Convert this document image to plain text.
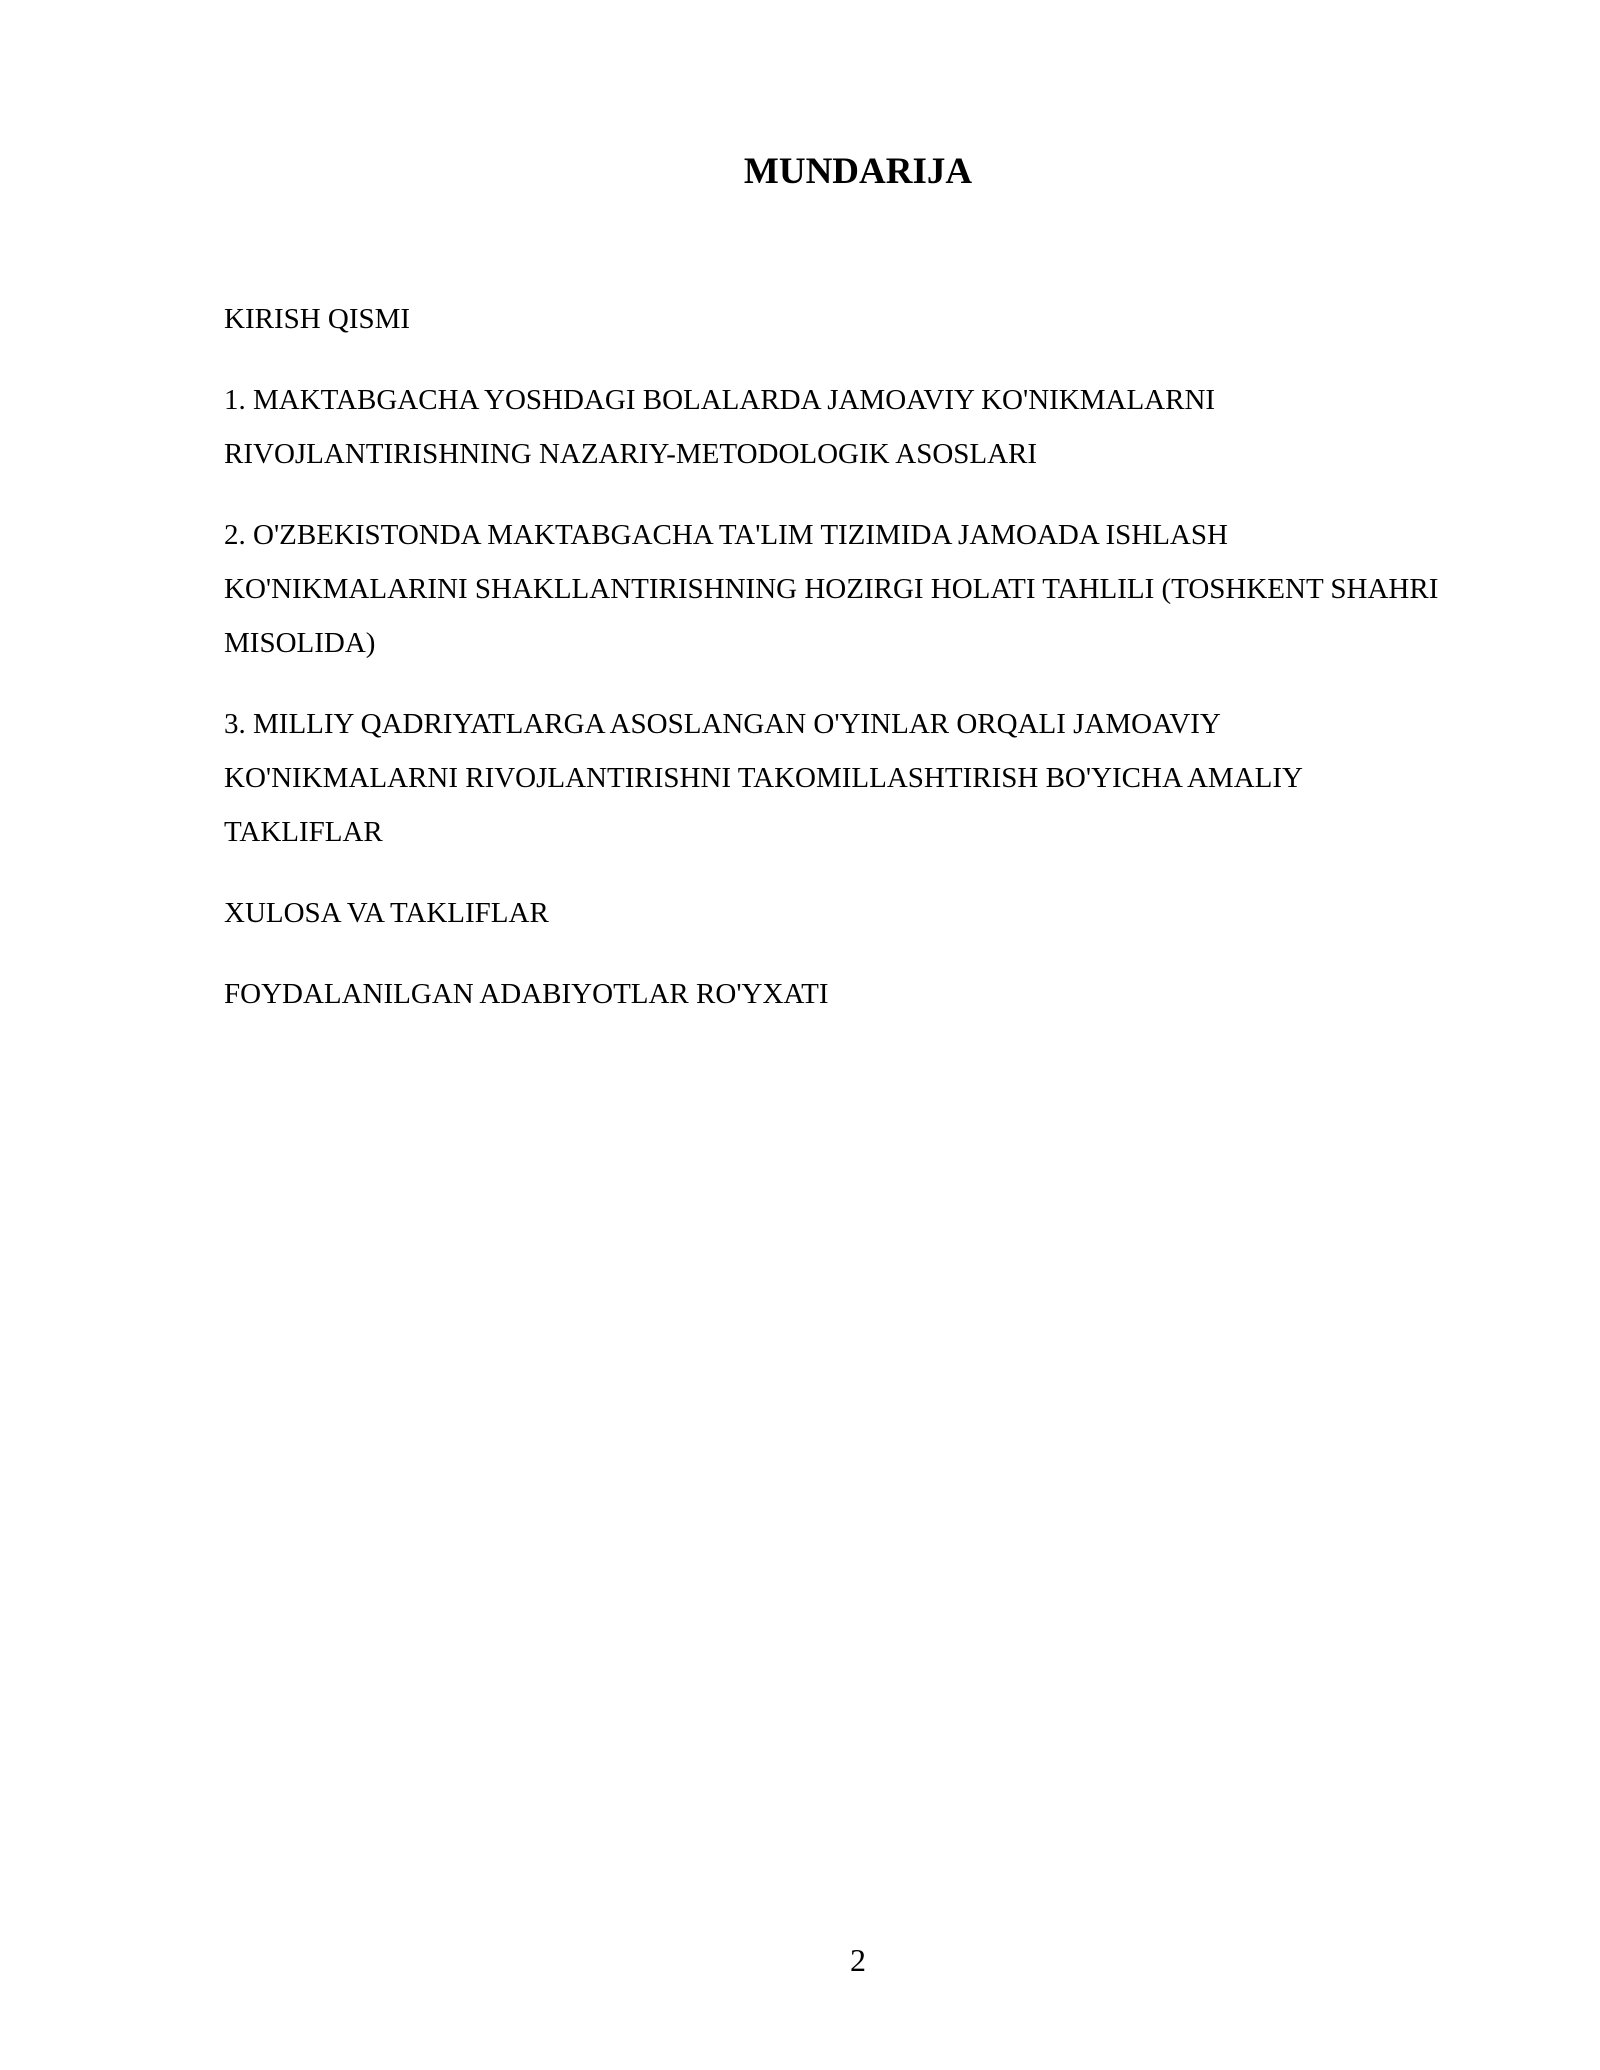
MUNDARIJA
KIRISH QISMI
1. MAKTABGACHA YOSHDAGI BOLALARDA JAMOAVIY KO'NIKMALARNI RIVOJLANTIRISHNING NAZARIY-METODOLOGIK ASOSLARI
2. O'ZBEKISTONDA MAKTABGACHA TA'LIM TIZIMIDA JAMOADA ISHLASH KO'NIKMALARINI SHAKLLANTIRISHNING HOZIRGI HOLATI TAHLILI (TOSHKENT SHAHRI MISOLIDA)
3. MILLIY QADRIYATLARGA ASOSLANGAN O'YINLAR ORQALI JAMOAVIY KO'NIKMALARNI RIVOJLANTIRISHNI TAKOMILLASHTIRISH BO'YICHA AMALIY TAKLIFLAR
XULOSA VA TAKLIFLAR
FOYDALANILGAN ADABIYOTLAR RO'YXATI
2
